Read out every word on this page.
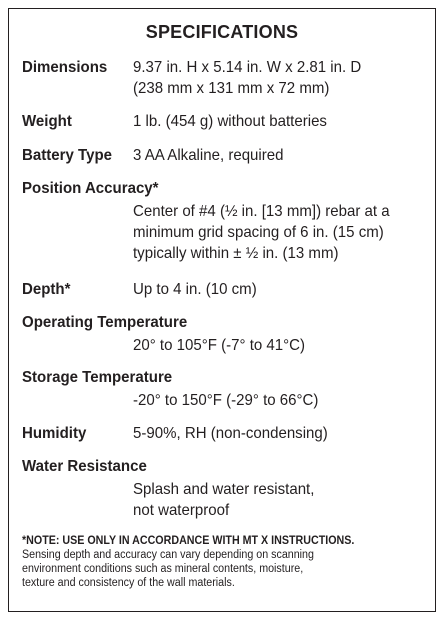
SPECIFICATIONS
Dimensions	9.37 in. H x 5.14 in. W x 2.81 in. D
(238 mm x 131 mm x 72 mm)
Weight	1 lb. (454 g) without batteries
Battery Type	3 AA Alkaline, required
Position Accuracy*
Center of #4 (½ in. [13 mm]) rebar at a
minimum grid spacing of 6 in. (15 cm)
typically within ± ½ in. (13 mm)
Depth*	Up to 4 in. (10 cm)
Operating Temperature
20° to 105°F (-7° to 41°C)
Storage Temperature
-20° to 150°F (-29° to 66°C)
Humidity	5-90%, RH (non-condensing)
Water Resistance
Splash and water resistant,
not waterproof
*NOTE: USE ONLY IN ACCORDANCE WITH MT X INSTRUCTIONS.
Sensing depth and accuracy can vary depending on scanning
environment conditions such as mineral contents, moisture,
texture and consistency of the wall materials.
